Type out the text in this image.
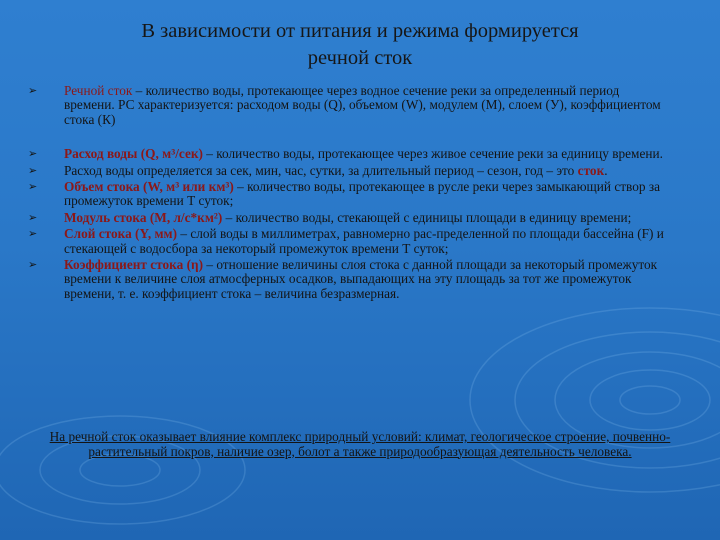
В зависимости от питания и режима формируется
речной сток
➢ Речной сток – количество воды, протекающее через водное сечение реки за определенный период времени. РС характеризуется: расходом воды (Q), объемом (W), модулем (М), слоем (У), коэффициентом стока (К)
➢ Расход воды (Q, м³/сек) – количество воды, протекающее через живое сечение реки за единицу времени.
➢ Расход воды определяется за сек, мин, час, сутки, за длительный период – сезон, год – это сток.
➢ Объем стока (W, м³ или км³) – количество воды, протекающее в русле реки через замыкающий створ за промежуток времени Т суток;
➢ Модуль стока (М, л/с*км²) – количество воды, стекающей с единицы площади в единицу времени;
➢ Слой стока (Y, мм) – слой воды в миллиметрах, равномерно рас-пределенной по площади бассейна (F) и стекающей с водосбора за некоторый промежуток времени Т суток;
➢ Коэффициент стока (η) – отношение величины слоя стока с данной площади за некоторый промежуток времени к величине слоя атмосферных осадков, выпадающих на эту площадь за тот же промежуток времени, т. е. коэффициент стока – величина безразмерная.
На речной сток оказывает влияние комплекс природный условий: климат, геологическое строение, почвенно-растительный покров, наличие озер, болот а также природообразующая деятельность человека.
